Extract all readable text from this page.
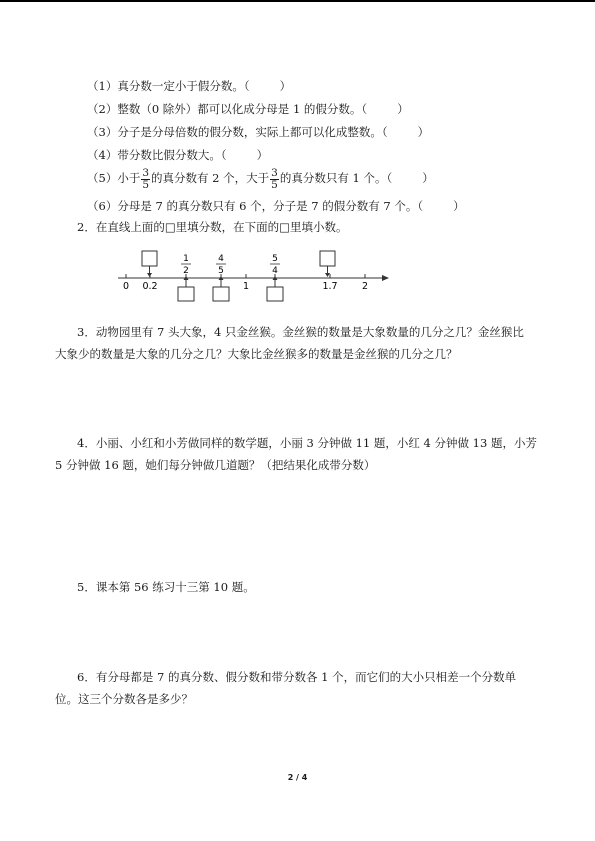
（1）真分数一定小于假分数。（	）
（2）整数（0 除外）都可以化成分母是 1 的假分数。（	）
（3）分子是分母倍数的假分数，实际上都可以化成整数。（	）
（4）带分数比假分数大。（	）
（5）小于 $\frac{3}{5}$ 的真分数有 2 个，大于 $\frac{3}{5}$ 的真分数只有 1 个。（	）
（6）分母是 7 的真分数只有 6 个，分子是 7 的假分数有 7 个。（	）
2．在直线上面的□里填分数，在下面的□里填小数。
1
2
4
5
5
4
0 0.2	1	1.7	2
3．动物园里有 7 头大象，4 只金丝猴。金丝猴的数量是大象数量的几分之几？金丝猴比
大象少的数量是大象的几分之几？大象比金丝猴多的数量是金丝猴的几分之几？
4．小丽、小红和小芳做同样的数学题，小丽 3 分钟做 11 题，小红 4 分钟做 13 题，小芳
5 分钟做 16 题，她们每分钟做几道题？（把结果化成带分数）
5．课本第 56 练习十三第 10 题。
6．有分母都是 7 的真分数、假分数和带分数各 1 个，而它们的大小只相差一个分数单
位。这三个分数各是多少？
2 / 4
